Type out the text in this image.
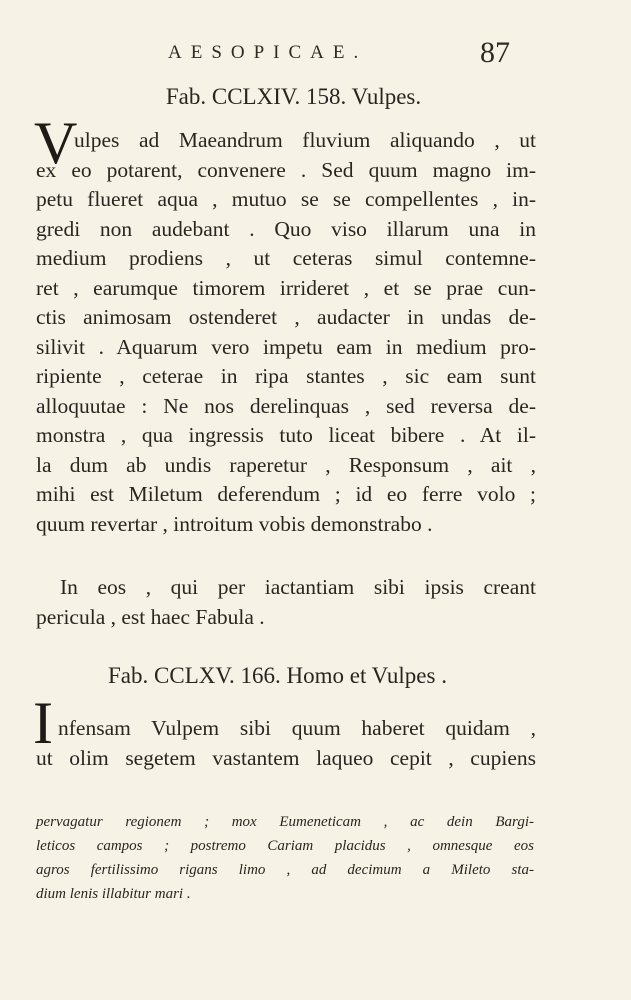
AESOPICAE.	87
Fab. CCLXIV. 158. Vulpes.
V
ulpes ad Maeandrum fluvium aliquando , ut
ex eo potarent, convenere . Sed quum magno im-
petu flueret aqua , mutuo se se compellentes , in-
gredi non audebant . Quo viso illarum una in
medium prodiens , ut ceteras simul contemne-
ret , earumque timorem irrideret , et se prae cun-
ctis animosam ostenderet , audacter in undas de-
silivit . Aquarum vero impetu eam in medium pro-
ripiente , ceterae in ripa stantes , sic eam sunt
alloquutae : Ne nos derelinquas , sed reversa de-
monstra , qua ingressis tuto liceat bibere . At il-
la dum ab undis raperetur , Responsum , ait ,
mihi est Miletum deferendum ; id eo ferre volo ;
quum revertar , introitum vobis demonstrabo .
In eos , qui per iactantiam sibi ipsis creant
pericula , est haec Fabula .
Fab. CCLXV. 166. Homo et Vulpes .
I nfensam Vulpem sibi quum haberet quidam ,
ut olim segetem vastantem laqueo cepit , cupiens
pervagatur regionem ; mox Eumeneticam , ac dein Bargi-
leticos campos ; postremo Cariam placidus , omnesque eos
agros fertilissimo rigans limo , ad decimum a Mileto sta-
dium lenis illabitur mari .
